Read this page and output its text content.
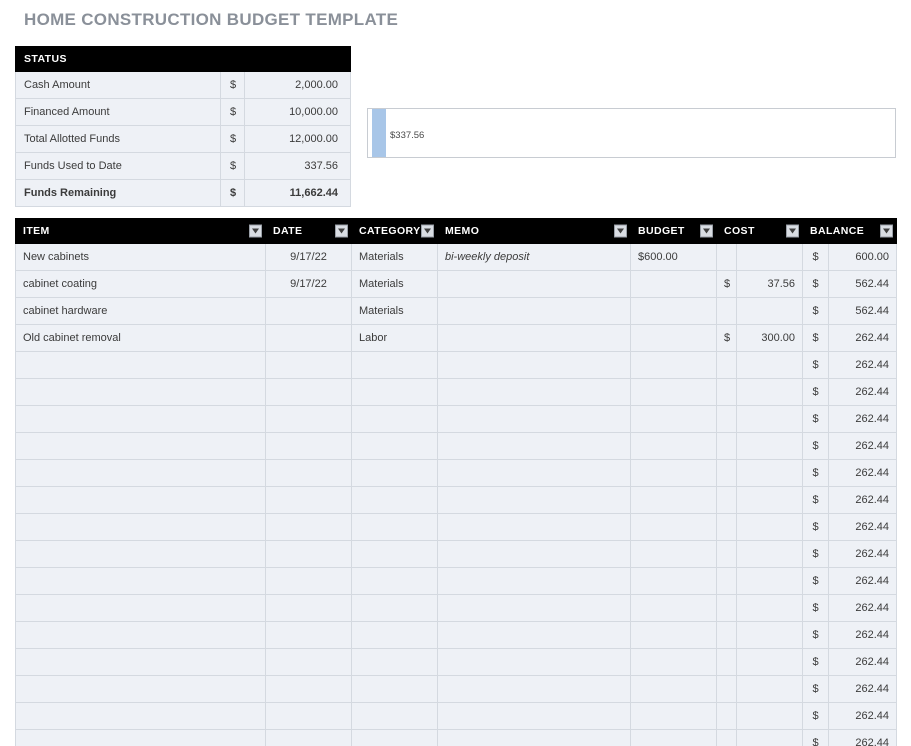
HOME CONSTRUCTION BUDGET TEMPLATE
STATUS		
Cash Amount	$	2,000.00
Financed Amount	$	10,000.00
Total Allotted Funds	$	12,000.00
Funds Used to Date	$	337.56
Funds Remaining	$	11,662.44
$337.56
ITEM	DATE	CATEGORY	MEMO	BUDGET	COST		BALANCE	

New cabinets	9/17/22	Materials	bi-weekly deposit	$600.00			$	600.00
cabinet coating	9/17/22	Materials			$	37.56	$	562.44
cabinet hardware		Materials					$	562.44
Old cabinet removal		Labor			$	300.00	$	262.44
							$	262.44
							$	262.44
							$	262.44
							$	262.44
							$	262.44
							$	262.44
							$	262.44
							$	262.44
							$	262.44
							$	262.44
							$	262.44
							$	262.44
							$	262.44
							$	262.44
							$	262.44
